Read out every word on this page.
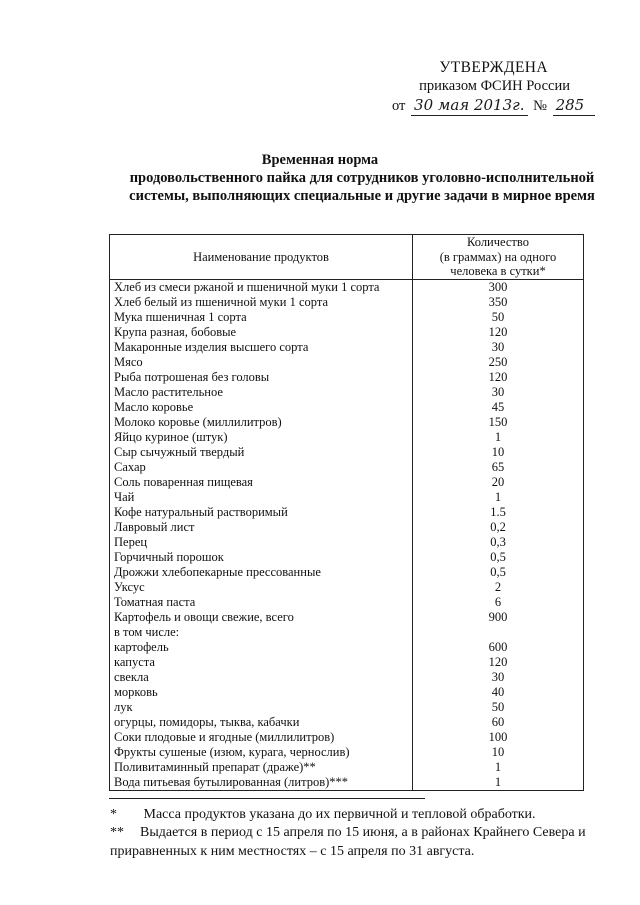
УТВЕРЖДЕНА
приказом ФСИН России
от 30 мая 2013г. № 285
Временная норма
продовольственного пайка для сотрудников уголовно-исполнительной
системы, выполняющих специальные и другие задачи в мирное время
Наименование продуктов	Количество
(в граммах) на одного
человека в сутки*
Хлеб из смеси ржаной и пшеничной муки 1 сорта	300
Хлеб белый из пшеничной муки 1 сорта	350
Мука пшеничная 1 сорта	50
Крупа разная, бобовые	120
Макаронные изделия высшего сорта	30
Мясо	250
Рыба потрошеная без головы	120
Масло растительное	30
Масло коровье	45
Молоко коровье (миллилитров)	150
Яйцо куриное (штук)	1
Сыр сычужный твердый	10
Сахар	65
Соль поваренная пищевая	20
Чай	1
Кофе натуральный растворимый	1.5
Лавровый лист	0,2
Перец	0,3
Горчичный порошок	0,5
Дрожжи хлебопекарные прессованные	0,5
Уксус	2
Томатная паста	6
Картофель и овощи свежие, всего	900
в том числе:	
картофель	600
капуста	120
свекла	30
морковь	40
лук	50
огурцы, помидоры, тыква, кабачки	60
Соки плодовые и ягодные (миллилитров)	100
Фрукты сушеные (изюм, курага, чернослив)	10
Поливитаминный препарат (драже)**	1
Вода питьевая бутылированная (литров)***	1
* Масса продуктов указана до их первичной и тепловой обработки.
** Выдается в период с 15 апреля по 15 июня, а в районах Крайнего Севера и приравненных к ним местностях – с 15 апреля по 31 августа.
